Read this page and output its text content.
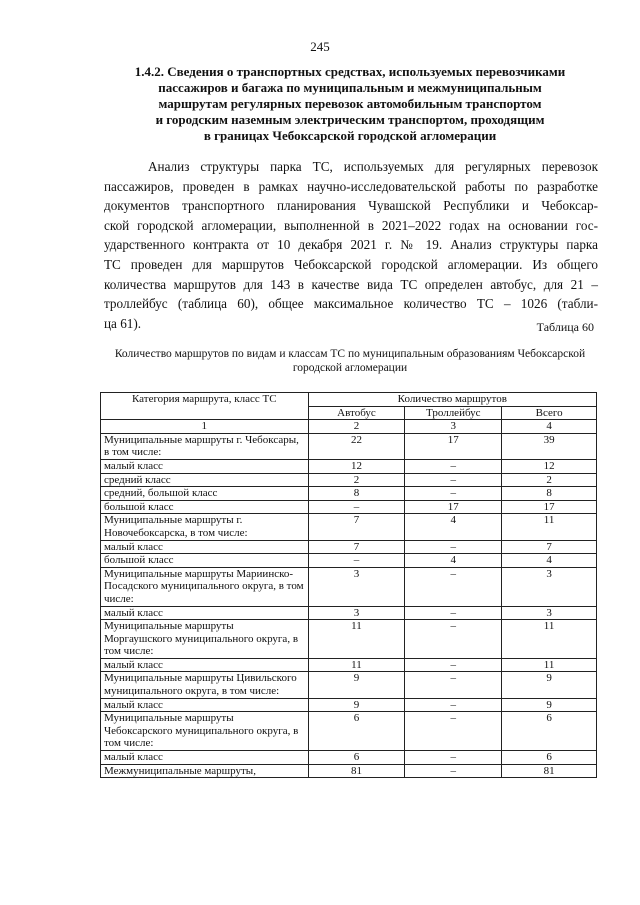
245
1.4.2. Сведения о транспортных средствах, используемых перевозчиками
пассажиров и багажа по муниципальным и межмуниципальным
маршрутам регулярных перевозок автомобильным транспортом
и городским наземным электрическим транспортом, проходящим
в границах Чебоксарской городской агломерации
Анализ структуры парка ТС, используемых для регулярных перевозок
пассажиров, проведен в рамках научно-исследовательской работы по разработке
документов транспортного планирования Чувашской Республики и Чебоксар-
ской городской агломерации, выполненной в 2021–2022 годах на основании гос-
ударственного контракта от 10 декабря 2021 г. № 19. Анализ структуры парка
ТС проведен для маршрутов Чебоксарской городской агломерации. Из общего
количества маршрутов для 143 в качестве вида ТС определен автобус, для 21 –
троллейбус (таблица 60), общее максимальное количество ТС – 1026 (табли-
ца 61).	Таблица 60
Количество маршрутов по видам и классам ТС по муниципальным образованиям Чебоксарской
городской агломерации
Категория маршрута, класс ТС	Количество маршрутов		
	Автобус	Троллейбус	Всего
1	2	3	4
Муниципальные маршруты г. Чебоксары, в том числе:	22	17	39
малый класс	12	–	12
средний класс	2	–	2
средний, большой класс	8	–	8
большой класс	–	17	17
Муниципальные маршруты г. Новочебоксарска, в том числе:	7	4	11
малый класс	7	–	7
большой класс	–	4	4
Муниципальные маршруты Мариинско-Посадского муниципального округа, в том числе:	3	–	3
малый класс	3	–	3
Муниципальные маршруты Моргаушского муниципального округа, в том числе:	11	–	11
малый класс	11	–	11
Муниципальные маршруты Цивильского муниципального округа, в том числе:	9	–	9
малый класс	9	–	9
Муниципальные маршруты Чебоксарского муниципального округа, в том числе:	6	–	6
малый класс	6	–	6
Межмуниципальные маршруты,	81	–	81
